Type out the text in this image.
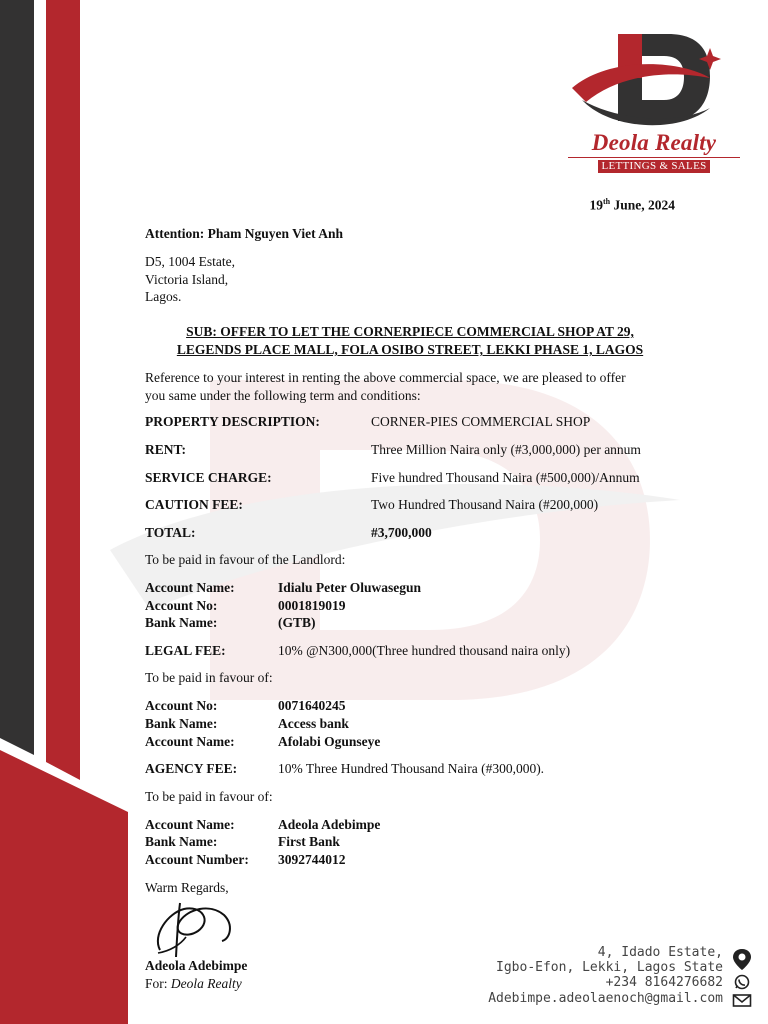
Deola Realty
LETTINGS & SALES
19th June, 2024
Attention: Pham Nguyen Viet Anh
D5, 1004 Estate,
Victoria Island,
Lagos.
SUB: OFFER TO LET THE CORNERPIECE COMMERCIAL SHOP AT 29,
LEGENDS PLACE MALL, FOLA OSIBO STREET, LEKKI PHASE 1, LAGOS
Reference to your interest in renting the above commercial space, we are pleased to offer
you same under the following term and conditions:
PROPERTY DESCRIPTION:	CORNER-PIES COMMERCIAL SHOP
RENT:	Three Million Naira only (#3,000,000) per annum
SERVICE CHARGE:	Five hundred Thousand Naira (#500,000)/Annum
CAUTION FEE:	Two Hundred Thousand Naira (#200,000)
TOTAL:	#3,700,000
To be paid in favour of the Landlord:
Account Name:	Idialu Peter Oluwasegun
Account No:	0001819019
Bank Name:	(GTB)
LEGAL FEE:	10% @N300,000(Three hundred thousand naira only)
To be paid in favour of:
Account No:	0071640245
Bank Name:	Access bank
Account Name:	Afolabi Ogunseye
AGENCY FEE:	10% Three Hundred Thousand Naira (#300,000).
To be paid in favour of:
Account Name:	Adeola Adebimpe
Bank Name:	First Bank
Account Number: 3092744012
Warm Regards,
Adeola Adebimpe
For: Deola Realty
4, Idado Estate,
Igbo-Efon, Lekki, Lagos State
+234 8164276682
Adebimpe.adeolaenoch@gmail.com
